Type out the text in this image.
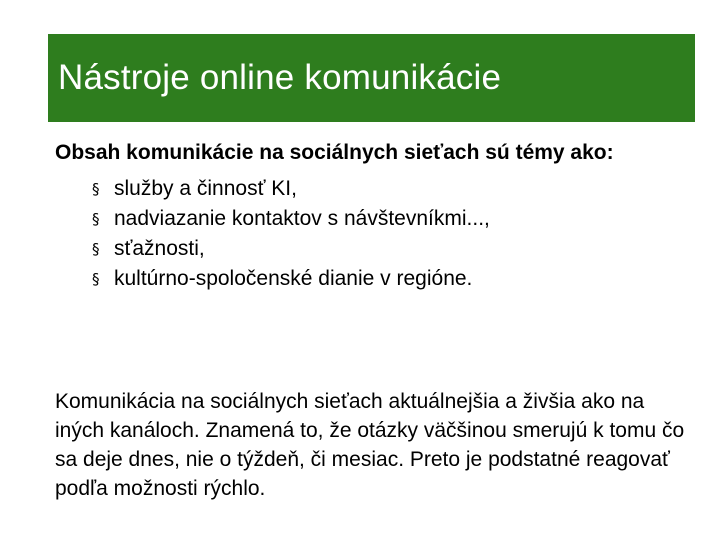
Nástroje online komunikácie
Obsah komunikácie na sociálnych sieťach sú témy ako:
§ služby a činnosť KI,
§ nadviazanie kontaktov s návštevníkmi...,
§ sťažnosti,
§ kultúrno-spoločenské dianie v regióne.

Komunikácia na sociálnych sieťach aktuálnejšia a živšia ako na iných kanáloch. Znamená to, že otázky väčšinou smerujú k tomu čo sa deje dnes, nie o týždeň, či mesiac. Preto je podstatné reagovať podľa možnosti rýchlo.
